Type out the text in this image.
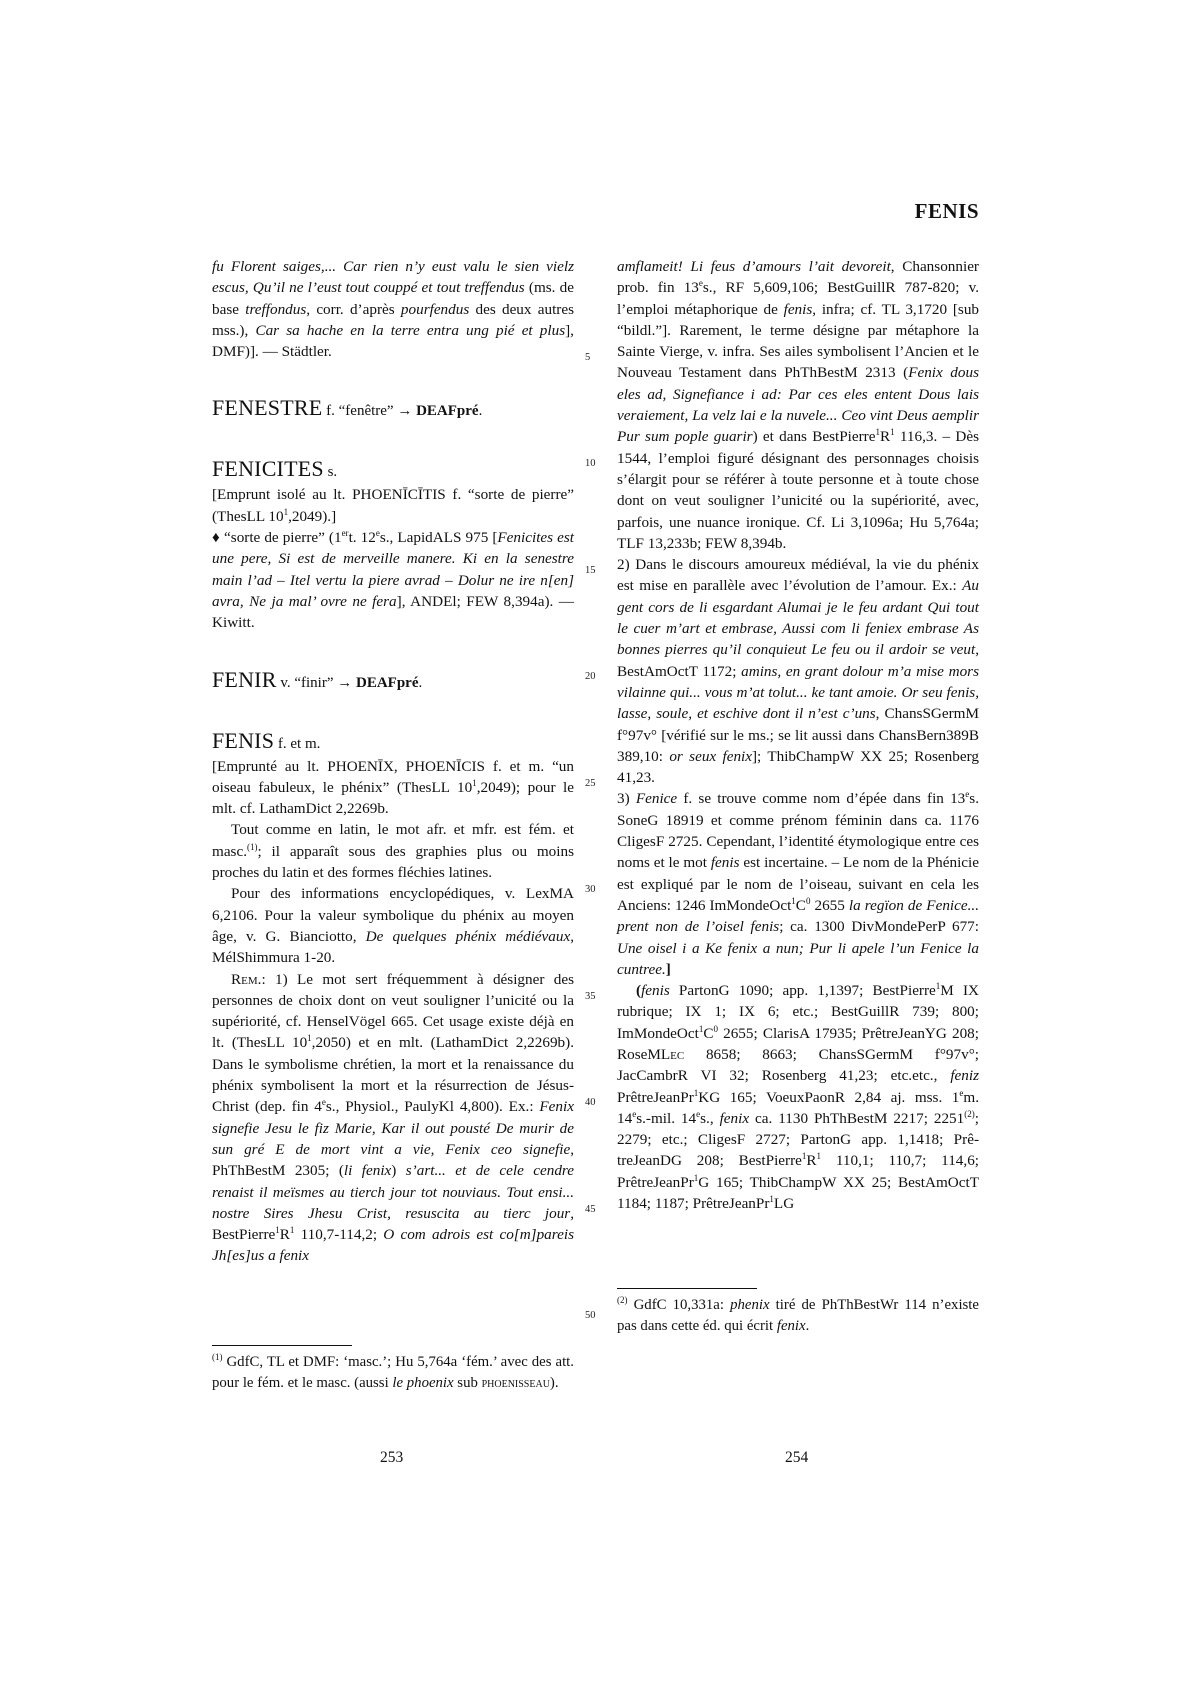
FENIS

fu Florent saiges,... Car rien n’y eust valu le sien vielz escus, Qu’il ne l’eust tout couppé et tout treffendus (ms. de base treffondus, corr. d’après pourfendus des deux autres mss.), Car sa hache en la terre entra ung pié et plus], DMF)]. — Städtler.

FENESTRE f. “fenêtre” → DEAFpré.
FENICITES s.

[Emprunt isolé au lt. PHOENĪCĪTIS f. “sorte de pierre” (ThesLL $10^1,2049$).]

♦ “sorte de pierre” (1ert. 12es., LapidALS 975 [Fenicites est une pere, Si est de merveille manere. Ki en la senestre main l’ad – Itel vertu la piere avrad – Dolur ne ire n[en] avra, Ne ja mal’ ovre ne fera], ANDEl; FEW 8,394a). — Kiwitt.

FENIR v. “finir” → DEAFpré.
FENIS f. et m.

[Emprunté au lt. PHOENĪX, PHOENĪCIS f. et m. “un oiseau fabuleux, le phénix” (ThesLL $10^1,2049$); pour le mlt. cf. LathamDict 2,2269b.

Tout comme en latin, le mot afr. et mfr. est fém. et masc.$^{(1)}$; il apparaît sous des graphies plus ou moins proches du latin et des formes fléchies latines.

Pour des informations encyclopédiques, v. LexMA 6,2106. Pour la valeur symbolique du phénix au moyen âge, v. G. Bianciotto, De quelques phénix médiévaux, MélShimmura 1-20.

Rem.: 1) Le mot sert fréquemment à désigner des personnes de choix dont on veut souligner l’unicité ou la supériorité, cf. HenselVögel 665. Cet usage existe déjà en lt. (ThesLL $10^1,2050$) et en mlt. (LathamDict 2,2269b). Dans le symbolisme chrétien, la mort et la renaissance du phénix symbolisent la mort et la résurrection de Jésus-Christ (dep. fin 4es., Physiol., PaulyKl 4,800). Ex.: Fenix signefie Jesu le fiz Marie, Kar il out pousté De murir de sun gré E de mort vint a vie, Fenix ceo signefie, PhThBestM 2305; (li fenix) s’art... et de cele cendre renaist il meïsmes au tierch jour tot nouviaus. Tout ensi... nostre Sires Jhesu Crist, resuscita au tierc jour, $BestPierre^1R^1$ 110,7-114,2; O com adrois est co[m]pareis Jh[es]us a fenix

$^{(1)}$ GdfC, TL et DMF: ‘masc.’; Hu 5,764a ‘fém.’ avec des att. pour le fém. et le masc. (aussi le phoenix sub phoenisseau).
253
5
10
15
20
25
30
35
40
45
50

amflameit! Li feus d’amours l’ait devoreit, Chansonnier prob. fin 13es., RF 5,609,106; BestGuillR 787-820; v. l’emploi métaphorique de fenis, infra; cf. TL 3,1720 [sub “bildl.”]. Rarement, le terme désigne par métaphore la Sainte Vierge, v. infra. Ses ailes symbolisent l’Ancien et le Nouveau Testament dans PhThBestM 2313 (Fenix dous eles ad, Signefiance i ad: Par ces eles entent Dous lais veraiement, La velz lai e la nuvele... Ceo vint Deus aemplir Pur sum pople guarir) et dans $BestPierre^1R^1$ 116,3. – Dès 1544, l’emploi figuré désignant des personnages choisis s’élargit pour se référer à toute personne et à toute chose dont on veut souligner l’unicité ou la supériorité, avec, parfois, une nuance ironique. Cf. Li 3,1096a; Hu 5,764a; TLF 13,233b; FEW 8,394b.

2) Dans le discours amoureux médiéval, la vie du phénix est mise en parallèle avec l’évolution de l’amour. Ex.: Au gent cors de li esgardant Alumai je le feu ardant Qui tout le cuer m’art et embrase, Aussi com li feniex embrase As bonnes pierres qu’il conquieut Le feu ou il ardoir se veut, BestAmOctT 1172; amins, en grant dolour m’a mise mors vilainne qui... vous m’at tolut... ke tant amoie. Or seu fenis, lasse, soule, et eschive dont il n’est c’uns, ChansSGermM f°97v° [vérifié sur le ms.; se lit aussi dans ChansBern389B 389,10: or seux fenix]; ThibChampW XX 25; Rosenberg 41,23.

3) Fenice f. se trouve comme nom d’épée dans fin 13es. SoneG 18919 et comme prénom féminin dans ca. 1176 CligesF 2725. Cependant, l’identité étymologique entre ces noms et le mot fenis est incertaine. – Le nom de la Phénicie est expliqué par le nom de l’oiseau, suivant en cela les Anciens: 1246 $ImMondeOct^1C^0$ 2655 la regïon de Fenice... prent non de l’oisel fenis; ca. 1300 DivMondePerP 677: Une oisel i a Ke fenix a nun; Pur li apele l’un Fenice la cuntree.]

(fenis PartonG 1090; app. 1,1397; BestPierre$^1$M IX rubrique; IX 1; IX 6; etc.; BestGuillR 739; 800; $ImMondeOct^1C^0$ 2655; ClarisA 17935; PrêtreJeanYG 208; RoseMLec 8658; 8663; ChansSGermM f°97v°; JacCambrR VI 32; Rosenberg 41,23; etc.etc., feniz PrêtreJeanPr$^1$KG 165; VoeuxPaonR 2,84 aj. mss. 1em. 14es.-mil. 14es., fenix ca. 1130 PhThBestM 2217; 2251$^{(2)}$; 2279; etc.; CligesF 2727; PartonG app. 1,1418; PrêtreJeanDG 208; $BestPierre^1R^1$ 110,1; 110,7; 114,6; PrêtreJeanPr$^1$G 165; ThibChampW XX 25; BestAmOctT 1184; 1187; PrêtreJeanPr$^1$LG

$^{(2)}$ GdfC 10,331a: phenix tiré de PhThBestWr 114 n’existe pas dans cette éd. qui écrit fenix.
254
